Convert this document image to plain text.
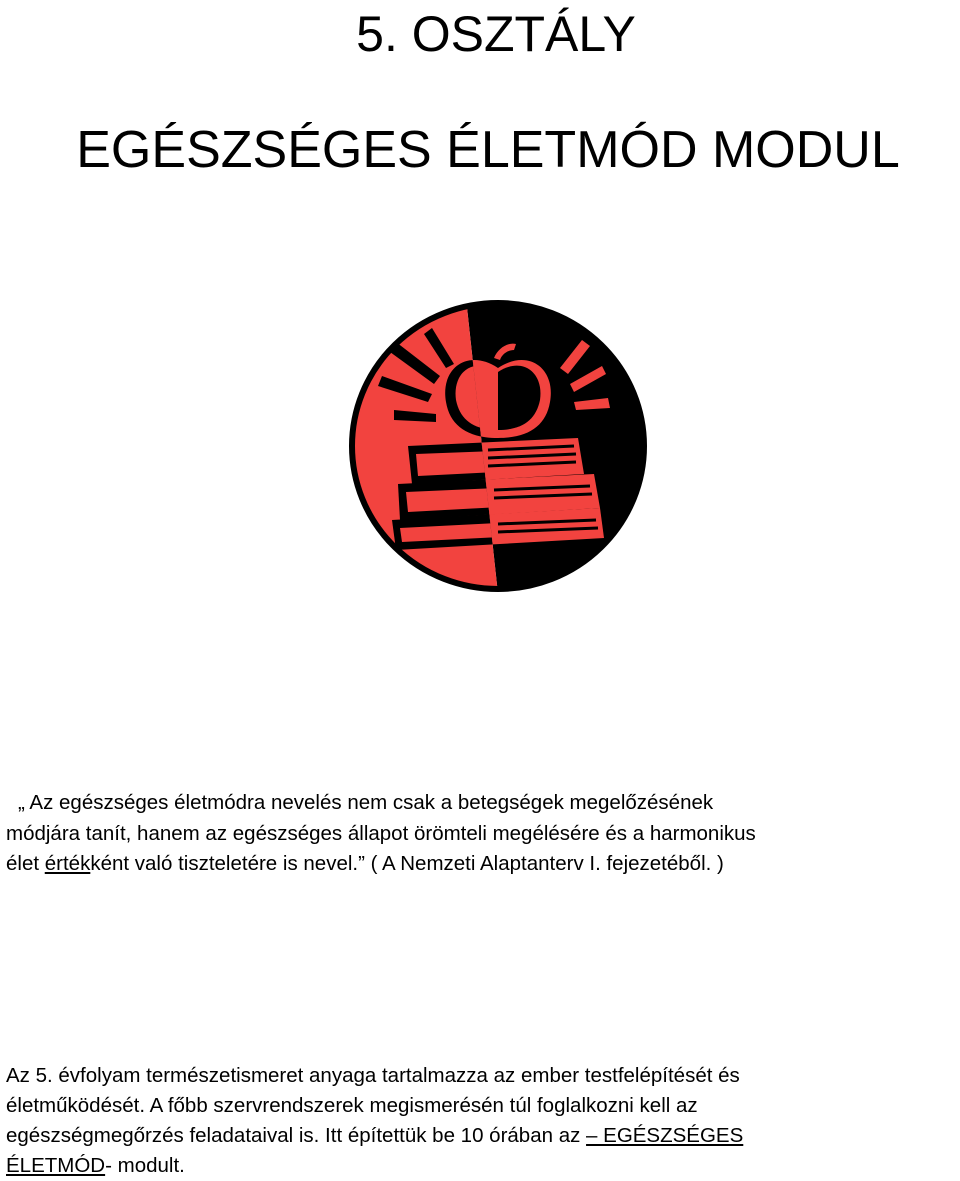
5. OSZTÁLY
EGÉSZSÉGES ÉLETMÓD MODUL

„ Az egészséges életmódra nevelés nem csak a betegségek megelőzésének
módjára tanít, hanem az egészséges állapot örömteli megélésére és a harmonikus
élet értékként való tiszteletére is nevel.” ( A Nemzeti Alaptanterv I. fejezetéből. )

Az 5. évfolyam természetismeret anyaga tartalmazza az ember testfelépítését és
életműködését. A főbb szervrendszerek megismerésén túl foglalkozni kell az
egészségmegőrzés feladataival is. Itt építettük be 10 órában az – EGÉSZSÉGES
ÉLETMÓD- modult.
